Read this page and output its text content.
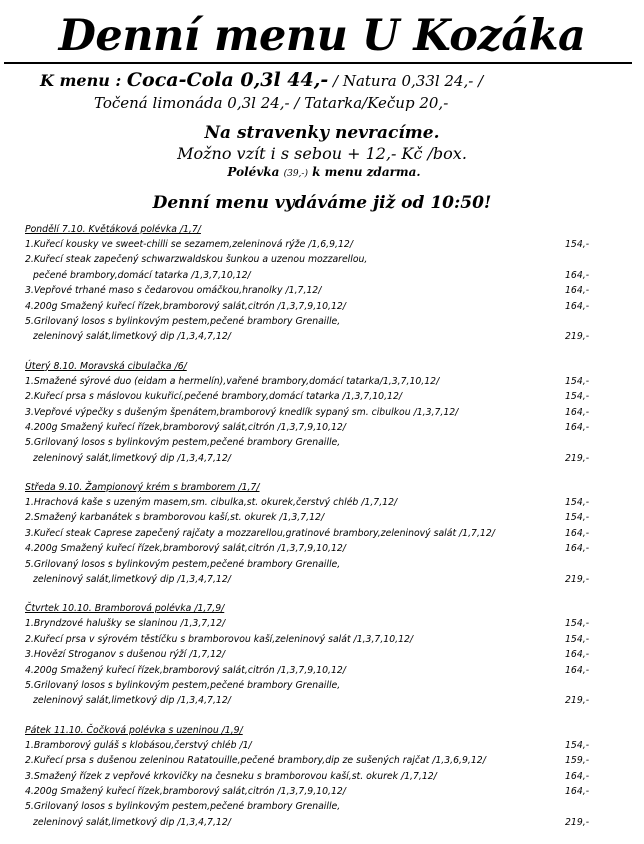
Denní menu U Kozáka
K menu : Coca-Cola 0,3l 44,- / Natura 0,33l 24,- /
Točená limonáda 0,3l 24,- / Tatarka/Kečup 20,-
Na stravenky nevracíme.
Možno vzít i s sebou + 12,- Kč /box.
Polévka (39,-) k menu zdarma.
Denní menu vydáváme již od 10:50!
Pondělí 7.10. Květáková polévka /1,7/
1.Kuřecí kousky ve sweet-chilli se sezamem,zeleninová rýže /1,6,9,12/	154,-
2.Kuřecí steak zapečený schwarzwaldskou šunkou a uzenou mozzarellou,
pečené brambory,domácí tatarka /1,3,7,10,12/	164,-
3.Vepřové trhané maso s čedarovou omáčkou,hranolky /1,7,12/	164,-
4.200g Smažený kuřecí řízek,bramborový salát,citrón /1,3,7,9,10,12/	164,-
5.Grilovaný losos s bylinkovým pestem,pečené brambory Grenaille,
zeleninový salát,limetkový dip /1,3,4,7,12/	219,-
Úterý 8.10. Moravská cibulačka /6/
1.Smažené sýrové duo (eidam a hermelín),vařené brambory,domácí tatarka/1,3,7,10,12/	154,-
2.Kuřecí prsa s máslovou kukuřicí,pečené brambory,domácí tatarka /1,3,7,10,12/	154,-
3.Vepřové výpečky s dušeným špenátem,bramborový knedlík sypaný sm. cibulkou /1,3,7,12/	164,-
4.200g Smažený kuřecí řízek,bramborový salát,citrón /1,3,7,9,10,12/	164,-
5.Grilovaný losos s bylinkovým pestem,pečené brambory Grenaille,
zeleninový salát,limetkový dip /1,3,4,7,12/	219,-
Středa 9.10. Žampionový krém s bramborem /1,7/
1.Hrachová kaše s uzeným masem,sm. cibulka,st. okurek,čerstvý chléb /1,7,12/	154,-
2.Smažený karbanátek s bramborovou kaší,st. okurek /1,3,7,12/	154,-
3.Kuřecí steak Caprese zapečený rajčaty a mozzarellou,gratinové brambory,zeleninový salát /1,7,12/	164,-
4.200g Smažený kuřecí řízek,bramborový salát,citrón /1,3,7,9,10,12/	164,-
5.Grilovaný losos s bylinkovým pestem,pečené brambory Grenaille,
zeleninový salát,limetkový dip /1,3,4,7,12/	219,-
Čtvrtek 10.10. Bramborová polévka /1,7,9/
1.Bryndzové halušky se slaninou /1,3,7,12/	154,-
2.Kuřecí prsa v sýrovém těstíčku s bramborovou kaší,zeleninový salát /1,3,7,10,12/	154,-
3.Hovězí Stroganov s dušenou rýží /1,7,12/	164,-
4.200g Smažený kuřecí řízek,bramborový salát,citrón /1,3,7,9,10,12/	164,-
5.Grilovaný losos s bylinkovým pestem,pečené brambory Grenaille,
zeleninový salát,limetkový dip /1,3,4,7,12/	219,-
Pátek 11.10. Čočková polévka s uzeninou /1,9/
1.Bramborový guláš s klobásou,čerstvý chléb /1/	154,-
2.Kuřecí prsa s dušenou zeleninou Ratatouille,pečené brambory,dip ze sušených rajčat /1,3,6,9,12/	159,-
3.Smažený řízek z vepřové krkovičky na česneku s bramborovou kaší,st. okurek /1,7,12/	164,-
4.200g Smažený kuřecí řízek,bramborový salát,citrón /1,3,7,9,10,12/	164,-
5.Grilovaný losos s bylinkovým pestem,pečené brambory Grenaille,
zeleninový salát,limetkový dip /1,3,4,7,12/	219,-
